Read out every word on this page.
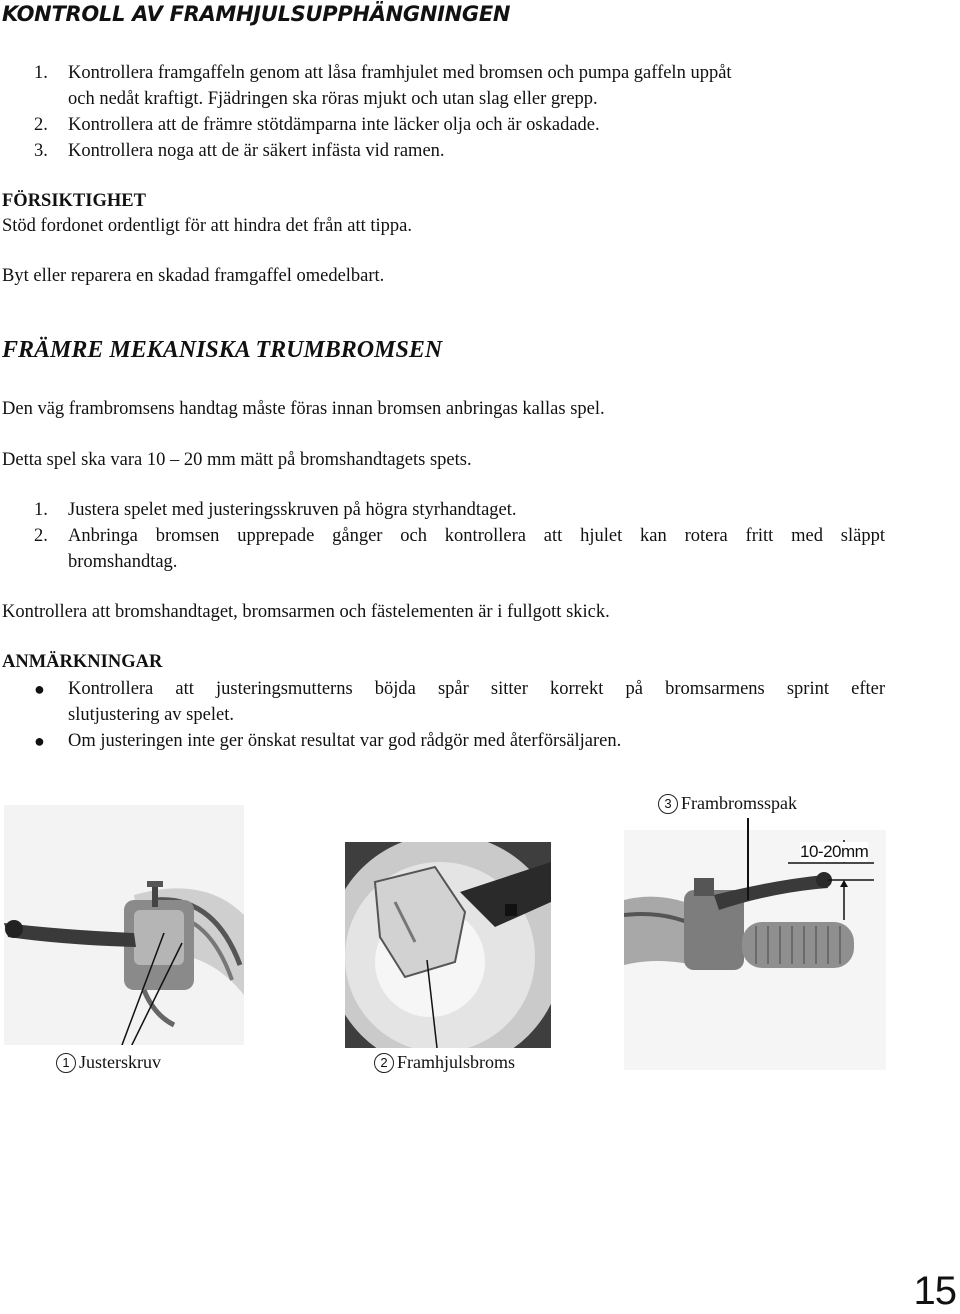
KONTROLL AV FRAMHJULSUPPHÄNGNINGEN
1. Kontrollera framgaffeln genom att låsa framhjulet med bromsen och pumpa gaffeln uppåt
och nedåt kraftigt. Fjädringen ska röras mjukt och utan slag eller grepp.
2. Kontrollera att de främre stötdämparna inte läcker olja och är oskadade.
3. Kontrollera noga att de är säkert infästa vid ramen.
FÖRSIKTIGHET
Stöd fordonet ordentligt för att hindra det från att tippa.
Byt eller reparera en skadad framgaffel omedelbart.
FRÄMRE MEKANISKA TRUMBROMSEN
Den väg frambromsens handtag måste föras innan bromsen anbringas kallas spel.
Detta spel ska vara 10 – 20 mm mätt på bromshandtagets spets.
1. Justera spelet med justeringsskruven på högra styrhandtaget.
2. Anbringa bromsen upprepade gånger och kontrollera att hjulet kan rotera fritt med släppt
bromshandtag.
Kontrollera att bromshandtaget, bromsarmen och fästelementen är i fullgott skick.
ANMÄRKNINGAR
● Kontrollera att justeringsmutterns böjda spår sitter korrekt på bromsarmens sprint efter
slutjustering av spelet.
● Om justeringen inte ger önskat resultat var god rådgör med återförsäljaren.
3 Frambromsspak
10-20mm
1 Justerskruv	2 Framhjulsbroms
15
